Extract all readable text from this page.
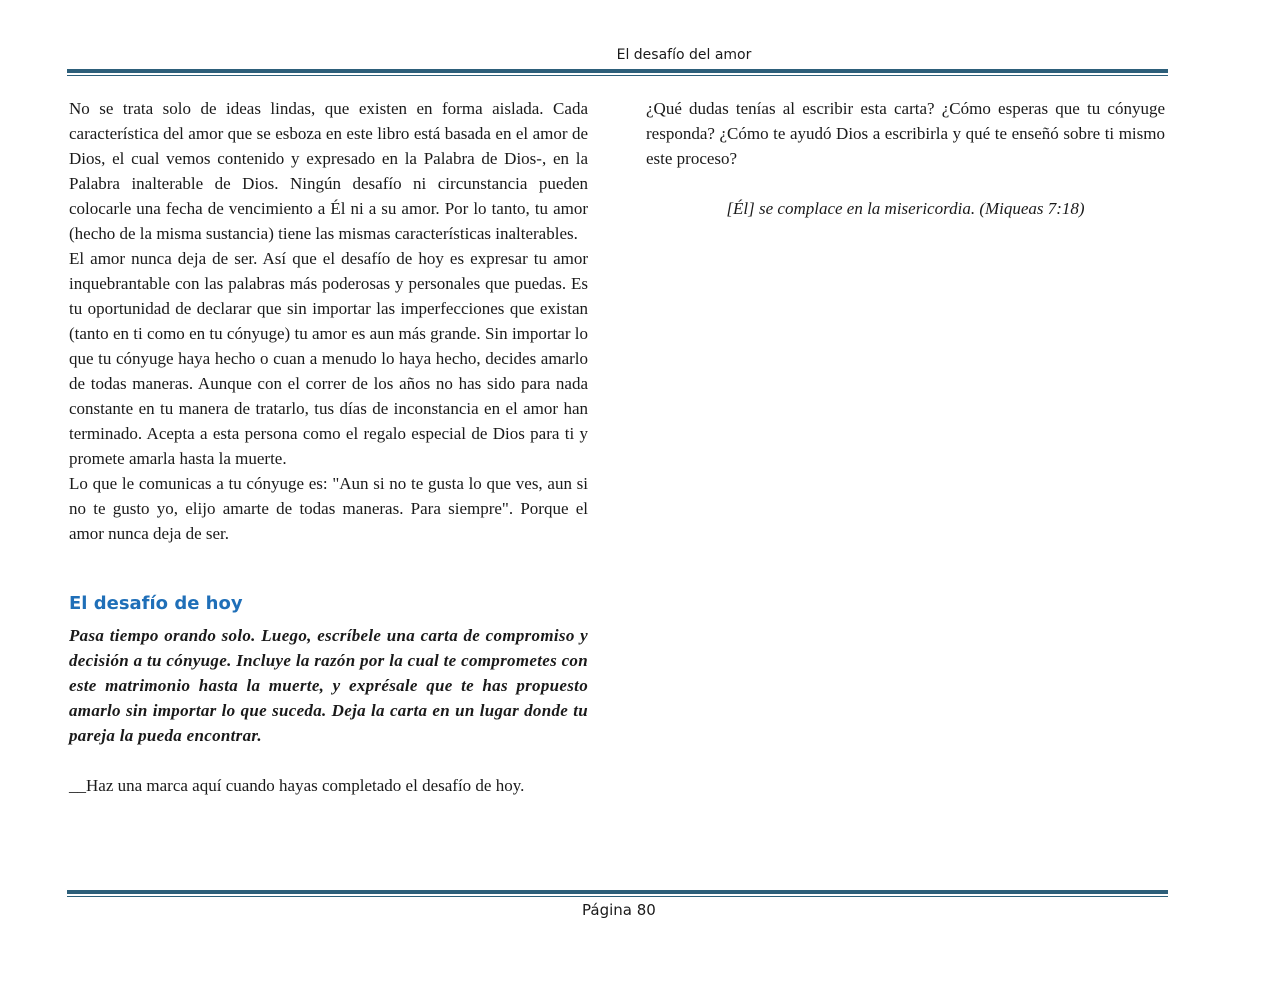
El desafío del amor

No se trata solo de ideas lindas, que existen en forma aislada. Cada característica del amor que se esboza en este libro está basada en el amor de Dios, el cual vemos contenido y expresado en la Palabra de Dios-, en la Palabra inalterable de Dios. Ningún desafío ni circunstancia pueden colocarle una fecha de vencimiento a Él ni a su amor. Por lo tanto, tu amor (hecho de la misma sustancia) tiene las mismas características inalterables.

El amor nunca deja de ser. Así que el desafío de hoy es expresar tu amor inquebrantable con las palabras más poderosas y personales que puedas. Es tu oportunidad de declarar que sin importar las imperfecciones que existan (tanto en ti como en tu cónyuge) tu amor es aun más grande. Sin importar lo que tu cónyuge haya hecho o cuan a menudo lo haya hecho, decides amarlo de todas maneras. Aunque con el correr de los años no has sido para nada constante en tu manera de tratarlo, tus días de inconstancia en el amor han terminado. Acepta a esta persona como el regalo especial de Dios para ti y promete amarla hasta la muerte.

Lo que le comunicas a tu cónyuge es: "Aun si no te gusta lo que ves, aun si no te gusto yo, elijo amarte de todas maneras. Para siempre". Porque el amor nunca deja de ser.

El desafío de hoy

Pasa tiempo orando solo. Luego, escríbele una carta de compromiso y decisión a tu cónyuge. Incluye la razón por la cual te comprometes con este matrimonio hasta la muerte, y exprésale que te has propuesto amarlo sin importar lo que suceda. Deja la carta en un lugar donde tu pareja la pueda encontrar.

__Haz una marca aquí cuando hayas completado el desafío de hoy.

¿Qué dudas tenías al escribir esta carta? ¿Cómo esperas que tu cónyuge responda? ¿Cómo te ayudó Dios a escribirla y qué te enseñó sobre ti mismo este proceso?

[Él] se complace en la misericordia. (Miqueas 7:18)

Página 80
